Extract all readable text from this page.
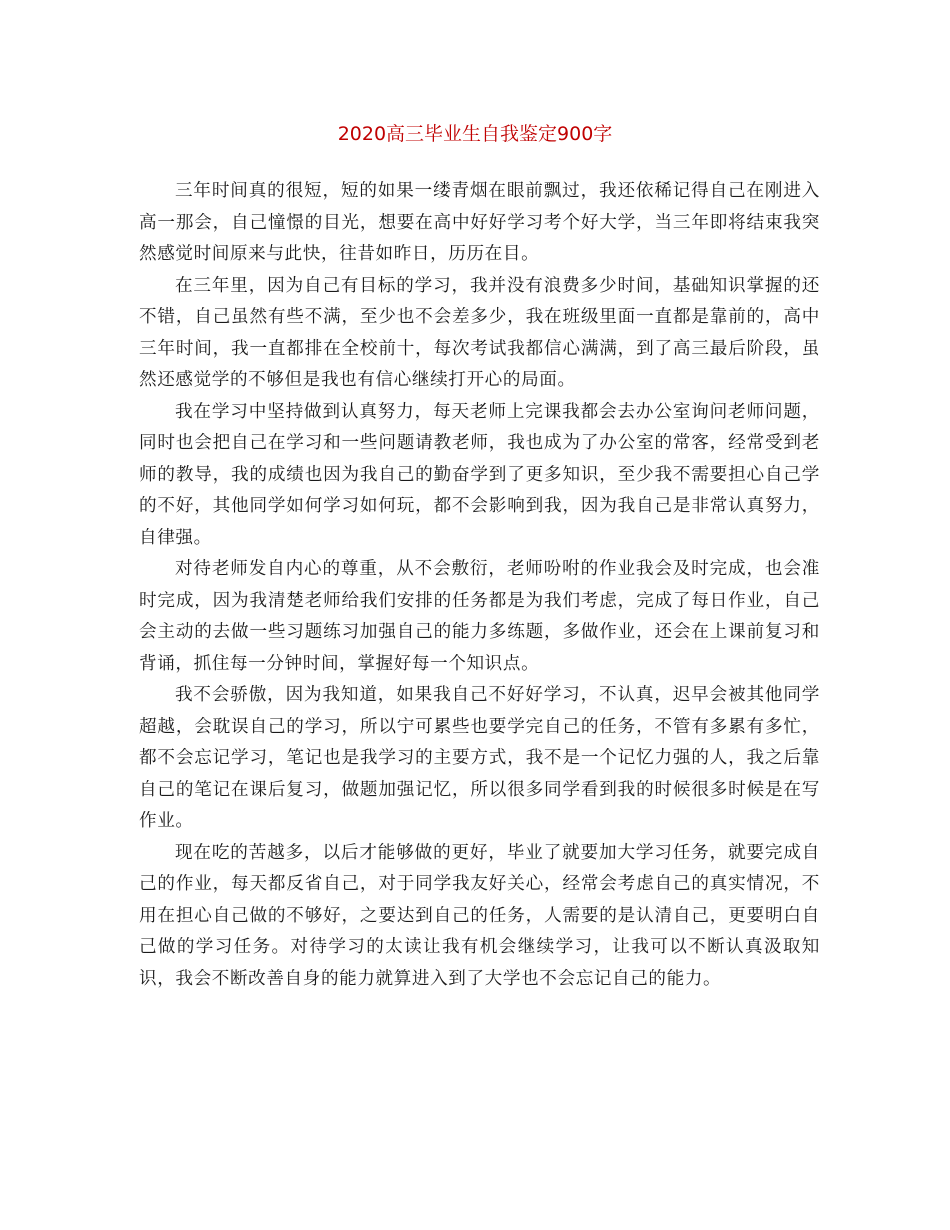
2020高三毕业生自我鉴定900字

三年时间真的很短，短的如果一缕青烟在眼前飘过，我还依稀记得自己在刚进入高一那会，自己憧憬的目光，想要在高中好好学习考个好大学，当三年即将结束我突然感觉时间原来与此快，往昔如昨日，历历在目。

在三年里，因为自己有目标的学习，我并没有浪费多少时间，基础知识掌握的还不错，自己虽然有些不满，至少也不会差多少，我在班级里面一直都是靠前的，高中三年时间，我一直都排在全校前十，每次考试我都信心满满，到了高三最后阶段，虽然还感觉学的不够但是我也有信心继续打开心的局面。

我在学习中坚持做到认真努力，每天老师上完课我都会去办公室询问老师问题，同时也会把自己在学习和一些问题请教老师，我也成为了办公室的常客，经常受到老师的教导，我的成绩也因为我自己的勤奋学到了更多知识，至少我不需要担心自己学的不好，其他同学如何学习如何玩，都不会影响到我，因为我自己是非常认真努力，自律强。

对待老师发自内心的尊重，从不会敷衍，老师吩咐的作业我会及时完成，也会准时完成，因为我清楚老师给我们安排的任务都是为我们考虑，完成了每日作业，自己会主动的去做一些习题练习加强自己的能力多练题，多做作业，还会在上课前复习和背诵，抓住每一分钟时间，掌握好每一个知识点。

我不会骄傲，因为我知道，如果我自己不好好学习，不认真，迟早会被其他同学超越，会耽误自己的学习，所以宁可累些也要学完自己的任务，不管有多累有多忙，都不会忘记学习，笔记也是我学习的主要方式，我不是一个记忆力强的人，我之后靠自己的笔记在课后复习，做题加强记忆，所以很多同学看到我的时候很多时候是在写作业。

现在吃的苦越多，以后才能够做的更好，毕业了就要加大学习任务，就要完成自己的作业，每天都反省自己，对于同学我友好关心，经常会考虑自己的真实情况，不用在担心自己做的不够好，之要达到自己的任务，人需要的是认清自己，更要明白自己做的学习任务。对待学习的太读让我有机会继续学习，让我可以不断认真汲取知识，我会不断改善自身的能力就算进入到了大学也不会忘记自己的能力。
